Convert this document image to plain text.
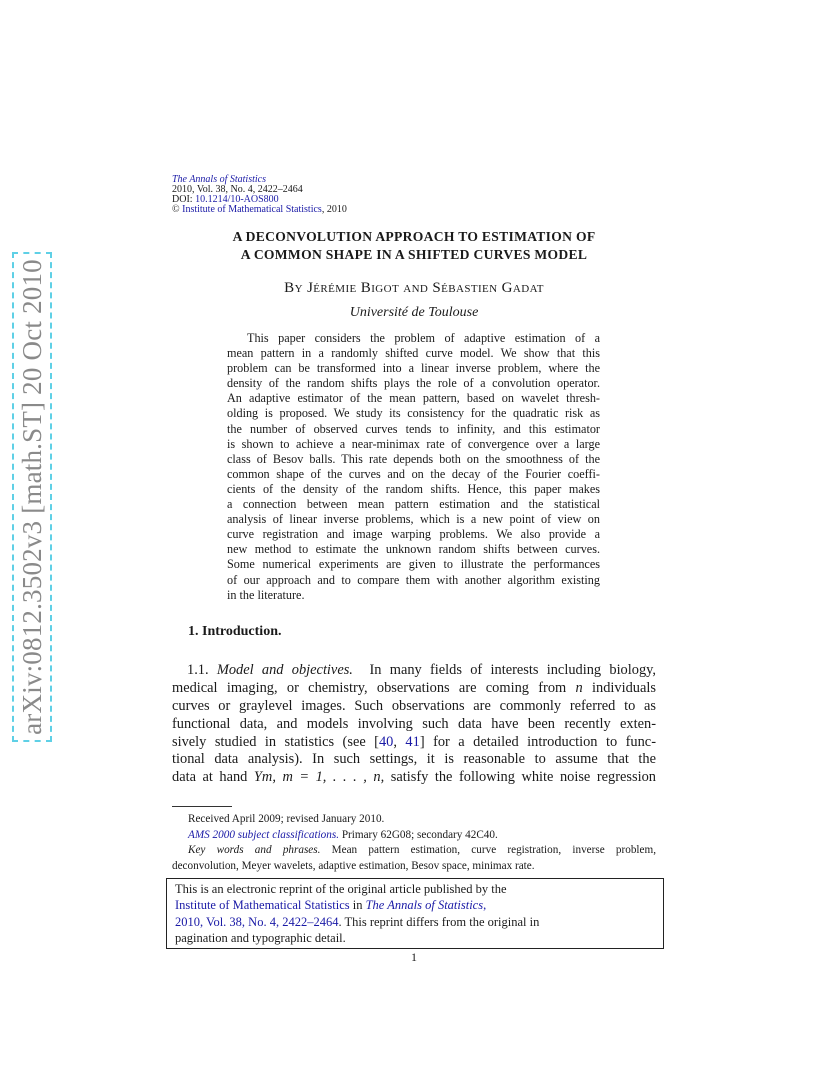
arXiv:0812.3502v3 [math.ST] 20 Oct 2010
The Annals of Statistics
2010, Vol. 38, No. 4, 2422–2464
DOI: 10.1214/10-AOS800
© Institute of Mathematical Statistics, 2010
A DECONVOLUTION APPROACH TO ESTIMATION OF
A COMMON SHAPE IN A SHIFTED CURVES MODEL
By Jérémie Bigot and Sébastien Gadat
Université de Toulouse
This paper considers the problem of adaptive estimation of a
mean pattern in a randomly shifted curve model. We show that this
problem can be transformed into a linear inverse problem, where the
density of the random shifts plays the role of a convolution operator.
An adaptive estimator of the mean pattern, based on wavelet thresh-
olding is proposed. We study its consistency for the quadratic risk as
the number of observed curves tends to infinity, and this estimator
is shown to achieve a near-minimax rate of convergence over a large
class of Besov balls. This rate depends both on the smoothness of the
common shape of the curves and on the decay of the Fourier coeffi-
cients of the density of the random shifts. Hence, this paper makes
a connection between mean pattern estimation and the statistical
analysis of linear inverse problems, which is a new point of view on
curve registration and image warping problems. We also provide a
new method to estimate the unknown random shifts between curves.
Some numerical experiments are given to illustrate the performances
of our approach and to compare them with another algorithm existing
in the literature.
1. Introduction.
1.1. Model and objectives. In many fields of interests including biology,
medical imaging, or chemistry, observations are coming from n individuals
curves or graylevel images. Such observations are commonly referred to as
functional data, and models involving such data have been recently exten-
sively studied in statistics (see [40, 41] for a detailed introduction to func-
tional data analysis). In such settings, it is reasonable to assume that the
data at hand Ym, m = 1, . . . , n, satisfy the following white noise regression
Received April 2009; revised January 2010.
AMS 2000 subject classifications. Primary 62G08; secondary 42C40.
Key words and phrases. Mean pattern estimation, curve registration, inverse problem,
deconvolution, Meyer wavelets, adaptive estimation, Besov space, minimax rate.
This is an electronic reprint of the original article published by the
Institute of Mathematical Statistics in The Annals of Statistics,
2010, Vol. 38, No. 4, 2422–2464. This reprint differs from the original in
pagination and typographic detail.
1
